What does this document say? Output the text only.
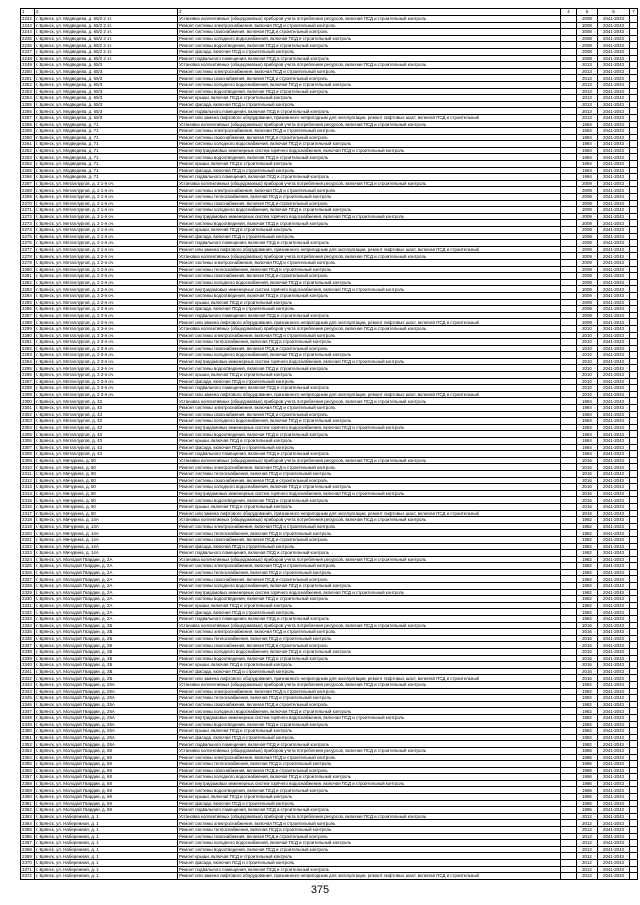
1	2	3	4	5	6	7
2242	г. Брянск, ул. Медведева, д. 65/2 2 эт.	Установка коллективных (общедомовых) приборов учета потребления ресурсов, включая ПСД и строительный контроль		2008	2041-2043	
2243	г. Брянск, ул. Медведева, д. 65/2 2 эт.	Ремонт системы электроснабжения, включая ПСД и строительный контроль		2008	2041-2043	
2244	г. Брянск, ул. Медведева, д. 65/2 2 эт.	Ремонт системы газоснабжения, включая ПСД и строительный контроль		2008	2041-2043	
2245	г. Брянск, ул. Медведева, д. 65/2 2 эт.	Ремонт системы холодного водоснабжения, включая ПСД и строительный контроль		2008	2041-2043	
2246	г. Брянск, ул. Медведева, д. 65/2 2 эт.	Ремонт системы водоотведения, включая ПСД и строительный контроль		2008	2041-2043	
2247	г. Брянск, ул. Медведева, д. 65/2 2 эт.	Ремонт фасада, включая ПСД и строительный контроль		2008	2041-2043	
2248	г. Брянск, ул. Медведева, д. 65/2 2 эт.	Ремонт подвального помещения, включая ПСД и строительный контроль		2008	2041-2043	
2249	г. Брянск, ул. Медведева, д. 65/3	Установка коллективных (общедомовых) приборов учета потребления ресурсов, включая ПСД и строительный контроль		2013	2041-2043	
2250	г. Брянск, ул. Медведева, д. 65/3	Ремонт системы электроснабжения, включая ПСД и строительный контроль		2013	2041-2043	
2251	г. Брянск, ул. Медведева, д. 65/3	Ремонт системы газоснабжения, включая ПСД и строительный контроль		2013	2041-2043	
2252	г. Брянск, ул. Медведева, д. 65/3	Ремонт системы холодного водоснабжения, включая ПСД и строительный контроль		2013	2041-2043	
2253	г. Брянск, ул. Медведева, д. 65/3	Ремонт системы водоотведения, включая ПСД и строительный контроль		2013	2041-2043	
2254	г. Брянск, ул. Медведева, д. 65/3	Ремонт крыши, включая ПСД и строительный контроль		2013	2041-2043	
2255	г. Брянск, ул. Медведева, д. 65/3	Ремонт фасада, включая ПСД и строительный контроль		2013	2041-2043	
2256	г. Брянск, ул. Медведева, д. 65/3	Ремонт подвального помещения, включая ПСД и строительный контроль		2013	2041-2043	
2257	г. Брянск, ул. Медведева, д. 65/3	Ремонт или замена лифтового оборудования, признанного непригодным для эксплуатации, ремонт лифтовых шахт, включая ПСД и строительный		2013	2041-2043	
2258	г. Брянск, ул. Медведева, д. 71	Установка коллективных (общедомовых) приборов учета потребления ресурсов, включая ПСД и строительный контроль		1984	2041-2043	
2259	г. Брянск, ул. Медведева, д. 71	Ремонт системы электроснабжения, включая ПСД и строительный контроль		1984	2041-2043	
2260	г. Брянск, ул. Медведева, д. 71	Ремонт системы газоснабжения, включая ПСД и строительный контроль		1984	2041-2043	
2261	г. Брянск, ул. Медведева, д. 71	Ремонт системы холодного водоснабжения, включая ПСД и строительный контроль		1984	2041-2043	
2262	г. Брянск, ул. Медведева, д. 71	Ремонт внутридомовых инженерных систем горячего водоснабжения, включая ПСД и строительный контроль		1984	2041-2043	
2263	г. Брянск, ул. Медведева, д. 71	Ремонт системы водоотведения, включая ПСД и строительный контроль		1984	2041-2043	
2264	г. Брянск, ул. Медведева, д. 71	Ремонт крыши, включая ПСД и строительный контроль		1984	2041-2043	
2265	г. Брянск, ул. Медведева, д. 71	Ремонт фасада, включая ПСД и строительный контроль		1984	2041-2043	
2266	г. Брянск, ул. Медведева, д. 71	Ремонт подвального помещения, включая ПСД и строительный контроль		1984	2041-2043	
2267	г. Брянск, ул. Металлургов, д. 2 1-я оч.	Установка коллективных (общедомовых) приборов учета потребления ресурсов, включая ПСД и строительный контроль		2009	2041-2043	
2268	г. Брянск, ул. Металлургов, д. 2 1-я оч.	Ремонт системы электроснабжения, включая ПСД и строительный контроль		2009	2041-2043	
2269	г. Брянск, ул. Металлургов, д. 2 1-я оч.	Ремонт системы теплоснабжения, включая ПСД и строительный контроль		2009	2041-2043	
2270	г. Брянск, ул. Металлургов, д. 2 1-я оч.	Ремонт системы газоснабжения, включая ПСД и строительный контроль		2009	2041-2043	
2271	г. Брянск, ул. Металлургов, д. 2 1-я оч.	Ремонт системы холодного водоснабжения, включая ПСД и строительный контроль		2009	2041-2043	
2272	г. Брянск, ул. Металлургов, д. 2 1-я оч.	Ремонт внутридомовых инженерных систем горячего водоснабжения, включая ПСД и строительный контроль		2009	2041-2043	
2273	г. Брянск, ул. Металлургов, д. 2 1-я оч.	Ремонт системы водоотведения, включая ПСД и строительный контроль		2009	2041-2043	
2274	г. Брянск, ул. Металлургов, д. 2 1-я оч.	Ремонт крыши, включая ПСД и строительный контроль		2009	2041-2043	
2275	г. Брянск, ул. Металлургов, д. 2 1-я оч.	Ремонт фасада, включая ПСД и строительный контроль		2009	2041-2043	
2276	г. Брянск, ул. Металлургов, д. 2 1-я оч.	Ремонт подвального помещения, включая ПСД и строительный контроль		2009	2041-2043	
2277	г. Брянск, ул. Металлургов, д. 2 1-я оч.	Ремонт или замена лифтового оборудования, признанного непригодным для эксплуатации, ремонт лифтовых шахт, включая ПСД и строительный		2009	2041-2043	
2278	г. Брянск, ул. Металлургов, д. 2 2-я оч.	Установка коллективных (общедомовых) приборов учета потребления ресурсов, включая ПСД и строительный контроль		2009	2041-2043	
2279	г. Брянск, ул. Металлургов, д. 2 2-я оч.	Ремонт системы электроснабжения, включая ПСД и строительный контроль		2009	2041-2043	
2280	г. Брянск, ул. Металлургов, д. 2 2-я оч.	Ремонт системы теплоснабжения, включая ПСД и строительный контроль		2009	2041-2043	
2281	г. Брянск, ул. Металлургов, д. 2 2-я оч.	Ремонт системы газоснабжения, включая ПСД и строительный контроль		2009	2041-2043	
2282	г. Брянск, ул. Металлургов, д. 2 2-я оч.	Ремонт системы холодного водоснабжения, включая ПСД и строительный контроль		2009	2041-2043	
2283	г. Брянск, ул. Металлургов, д. 2 2-я оч.	Ремонт внутридомовых инженерных систем горячего водоснабжения, включая ПСД и строительный контроль		2009	2041-2043	
2284	г. Брянск, ул. Металлургов, д. 2 2-я оч.	Ремонт системы водоотведения, включая ПСД и строительный контроль		2009	2041-2043	
2285	г. Брянск, ул. Металлургов, д. 2 2-я оч.	Ремонт крыши, включая ПСД и строительный контроль		2009	2041-2043	
2286	г. Брянск, ул. Металлургов, д. 2 2-я оч.	Ремонт фасада, включая ПСД и строительный контроль		2009	2041-2043	
2287	г. Брянск, ул. Металлургов, д. 2 2-я оч.	Ремонт подвального помещения, включая ПСД и строительный контроль		2009	2041-2043	
2288	г. Брянск, ул. Металлургов, д. 2 2-я оч.	Ремонт или замена лифтового оборудования, признанного непригодным для эксплуатации, ремонт лифтовых шахт, включая ПСД и строительный		2009	2041-2043	
2289	г. Брянск, ул. Металлургов, д. 2 3-я оч.	Установка коллективных (общедомовых) приборов учета потребления ресурсов, включая ПСД и строительный контроль		2010	2041-2043	
2290	г. Брянск, ул. Металлургов, д. 2 3-я оч.	Ремонт системы электроснабжения, включая ПСД и строительный контроль		2010	2041-2043	
2291	г. Брянск, ул. Металлургов, д. 2 3-я оч.	Ремонт системы теплоснабжения, включая ПСД и строительный контроль		2010	2041-2043	
2292	г. Брянск, ул. Металлургов, д. 2 3-я оч.	Ремонт системы газоснабжения, включая ПСД и строительный контроль		2010	2041-2043	
2293	г. Брянск, ул. Металлургов, д. 2 3-я оч.	Ремонт системы холодного водоснабжения, включая ПСД и строительный контроль		2010	2041-2043	
2294	г. Брянск, ул. Металлургов, д. 2 3-я оч.	Ремонт внутридомовых инженерных систем горячего водоснабжения, включая ПСД и строительный контроль		2010	2041-2043	
2295	г. Брянск, ул. Металлургов, д. 2 3-я оч.	Ремонт системы водоотведения, включая ПСД и строительный контроль		2010	2041-2043	
2296	г. Брянск, ул. Металлургов, д. 2 3-я оч.	Ремонт крыши, включая ПСД и строительный контроль		2010	2041-2043	
2297	г. Брянск, ул. Металлургов, д. 2 3-я оч.	Ремонт фасада, включая ПСД и строительный контроль		2010	2041-2043	
2298	г. Брянск, ул. Металлургов, д. 2 3-я оч.	Ремонт подвального помещения, включая ПСД и строительный контроль		2010	2041-2043	
2299	г. Брянск, ул. Металлургов, д. 2 3-я оч.	Ремонт или замена лифтового оборудования, признанного непригодным для эксплуатации, ремонт лифтовых шахт, включая ПСД и строительный		2010	2041-2043	
2300	г. Брянск, ул. Металлургов, д. 43	Установка коллективных (общедомовых) приборов учета потребления ресурсов, включая ПСД и строительный контроль		1984	2041-2043	
2301	г. Брянск, ул. Металлургов, д. 43	Ремонт системы электроснабжения, включая ПСД и строительный контроль		1984	2041-2043	
2302	г. Брянск, ул. Металлургов, д. 43	Ремонт системы газоснабжения, включая ПСД и строительный контроль		1984	2041-2043	
2303	г. Брянск, ул. Металлургов, д. 43	Ремонт системы холодного водоснабжения, включая ПСД и строительный контроль		1984	2041-2043	
2304	г. Брянск, ул. Металлургов, д. 43	Ремонт внутридомовых инженерных систем горячего водоснабжения, включая ПСД и строительный контроль		1984	2041-2043	
2305	г. Брянск, ул. Металлургов, д. 43	Ремонт системы водоотведения, включая ПСД и строительный контроль		1984	2041-2043	
2306	г. Брянск, ул. Металлургов, д. 43	Ремонт крыши, включая ПСД и строительный контроль		1984	2041-2043	
2307	г. Брянск, ул. Металлургов, д. 43	Ремонт фасада, включая ПСД и строительный контроль		1984	2041-2043	
2308	г. Брянск, ул. Металлургов, д. 43	Ремонт подвального помещения, включая ПСД и строительный контроль		1984	2041-2043	
2309	г. Брянск, ул. Мичурина, д. 50	Установка коллективных (общедомовых) приборов учета потребления ресурсов, включая ПСД и строительный контроль		2016	2041-2043	
2310	г. Брянск, ул. Мичурина, д. 50	Ремонт системы электроснабжения, включая ПСД и строительный контроль		2016	2041-2043	
2311	г. Брянск, ул. Мичурина, д. 50	Ремонт системы теплоснабжения, включая ПСД и строительный контроль		2016	2041-2043	
2312	г. Брянск, ул. Мичурина, д. 50	Ремонт системы газоснабжения, включая ПСД и строительный контроль		2016	2041-2043	
2313	г. Брянск, ул. Мичурина, д. 50	Ремонт системы холодного водоснабжения, включая ПСД и строительный контроль		2016	2041-2043	
2314	г. Брянск, ул. Мичурина, д. 50	Ремонт внутридомовых инженерных систем горячего водоснабжения, включая ПСД и строительный контроль		2016	2041-2043	
2315	г. Брянск, ул. Мичурина, д. 50	Ремонт системы водоотведения, включая ПСД и строительный контроль		2016	2041-2043	
2316	г. Брянск, ул. Мичурина, д. 50	Ремонт крыши, включая ПСД и строительный контроль		2016	2041-2043	
2317	г. Брянск, ул. Мичурина, д. 50	Ремонт или замена лифтового оборудования, признанного непригодным для эксплуатации, ремонт лифтовых шахт, включая ПСД и строительный		2016	2041-2043	
2318	г. Брянск, ул. Мичурина, д. 14А	Установка коллективных (общедомовых) приборов учета потребления ресурсов, включая ПСД и строительный контроль		1982	2041-2043	
2319	г. Брянск, ул. Мичурина, д. 14А	Ремонт системы электроснабжения, включая ПСД и строительный контроль		1982	2041-2043	
2320	г. Брянск, ул. Мичурина, д. 14А	Ремонт системы теплоснабжения, включая ПСД и строительный контроль		1982	2041-2043	
2321	г. Брянск, ул. Мичурина, д. 14А	Ремонт системы газоснабжения, включая ПСД и строительный контроль		1982	2041-2043	
2322	г. Брянск, ул. Мичурина, д. 14А	Ремонт фасада, включая ПСД и строительный контроль		1982	2041-2043	
2323	г. Брянск, ул. Мичурина, д. 14А	Ремонт подвального помещения, включая ПСД и строительный контроль		1982	2041-2043	
2324	г. Брянск, ул. Молодой Гвардии, д. 2А	Установка коллективных (общедомовых) приборов учета потребления ресурсов, включая ПСД и строительный контроль		1982	2041-2043	
2325	г. Брянск, ул. Молодой Гвардии, д. 2А	Ремонт системы электроснабжения, включая ПСД и строительный контроль		1982	2041-2043	
2326	г. Брянск, ул. Молодой Гвардии, д. 2А	Ремонт системы теплоснабжения, включая ПСД и строительный контроль		1982	2041-2043	
2327	г. Брянск, ул. Молодой Гвардии, д. 2А	Ремонт системы газоснабжения, включая ПСД и строительный контроль		1982	2041-2043	
2328	г. Брянск, ул. Молодой Гвардии, д. 2А	Ремонт системы холодного водоснабжения, включая ПСД и строительный контроль		1982	2041-2043	
2329	г. Брянск, ул. Молодой Гвардии, д. 2А	Ремонт внутридомовых инженерных систем горячего водоснабжения, включая ПСД и строительный контроль		1982	2041-2043	
2330	г. Брянск, ул. Молодой Гвардии, д. 2А	Ремонт системы водоотведения, включая ПСД и строительный контроль		1982	2041-2043	
2331	г. Брянск, ул. Молодой Гвардии, д. 2А	Ремонт крыши, включая ПСД и строительный контроль		1982	2041-2043	
2332	г. Брянск, ул. Молодой Гвардии, д. 2А	Ремонт фасада, включая ПСД и строительный контроль		1982	2041-2043	
2333	г. Брянск, ул. Молодой Гвардии, д. 2А	Ремонт подвального помещения, включая ПСД и строительный контроль		1982	2041-2043	
2334	г. Брянск, ул. Молодой Гвардии, д. 2Б	Установка коллективных (общедомовых) приборов учета потребления ресурсов, включая ПСД и строительный контроль		2016	2041-2043	
2335	г. Брянск, ул. Молодой Гвардии, д. 2Б	Ремонт системы электроснабжения, включая ПСД и строительный контроль		2016	2041-2043	
2336	г. Брянск, ул. Молодой Гвардии, д. 2Б	Ремонт системы теплоснабжения, включая ПСД и строительный контроль		2016	2041-2043	
2337	г. Брянск, ул. Молодой Гвардии, д. 2Б	Ремонт системы газоснабжения, включая ПСД и строительный контроль		2016	2041-2043	
2338	г. Брянск, ул. Молодой Гвардии, д. 2Б	Ремонт системы холодного водоснабжения, включая ПСД и строительный контроль		2016	2041-2043	
2339	г. Брянск, ул. Молодой Гвардии, д. 2Б	Ремонт системы водоотведения, включая ПСД и строительный контроль		2016	2041-2043	
2340	г. Брянск, ул. Молодой Гвардии, д. 2Б	Ремонт крыши, включая ПСД и строительный контроль		2016	2041-2043	
2341	г. Брянск, ул. Молодой Гвардии, д. 2Б	Ремонт фасада, включая ПСД и строительный контроль		2016	2041-2043	
2342	г. Брянск, ул. Молодой Гвардии, д. 2Б	Ремонт или замена лифтового оборудования, признанного непригодным для эксплуатации, ремонт лифтовых шахт, включая ПСД и строительный		2016	2041-2043	
2343	г. Брянск, ул. Молодой Гвардии, д. 25А	Установка коллективных (общедомовых) приборов учета потребления ресурсов, включая ПСД и строительный контроль		1982	2041-2043	
2344	г. Брянск, ул. Молодой Гвардии, д. 25А	Ремонт системы электроснабжения, включая ПСД и строительный контроль		1982	2041-2043	
2345	г. Брянск, ул. Молодой Гвардии, д. 25А	Ремонт системы теплоснабжения, включая ПСД и строительный контроль		1982	2041-2043	
2346	г. Брянск, ул. Молодой Гвардии, д. 25А	Ремонт системы газоснабжения, включая ПСД и строительный контроль		1982	2041-2043	
2347	г. Брянск, ул. Молодой Гвардии, д. 25А	Ремонт системы холодного водоснабжения, включая ПСД и строительный контроль		1982	2041-2043	
2348	г. Брянск, ул. Молодой Гвардии, д. 25А	Ремонт внутридомовых инженерных систем горячего водоснабжения, включая ПСД и строительный контроль		1982	2041-2043	
2349	г. Брянск, ул. Молодой Гвардии, д. 25А	Ремонт системы водоотведения, включая ПСД и строительный контроль		1982	2041-2043	
2350	г. Брянск, ул. Молодой Гвардии, д. 25А	Ремонт крыши, включая ПСД и строительный контроль		1982	2041-2043	
2351	г. Брянск, ул. Молодой Гвардии, д. 25А	Ремонт фасада, включая ПСД и строительный контроль		1982	2041-2043	
2352	г. Брянск, ул. Молодой Гвардии, д. 25А	Ремонт подвального помещения, включая ПСД и строительный контроль		1982	2041-2043	
2353	г. Брянск, ул. Молодой Гвардии, д. 68	Установка коллективных (общедомовых) приборов учета потребления ресурсов, включая ПСД и строительный контроль		1986	2041-2043	
2354	г. Брянск, ул. Молодой Гвардии, д. 68	Ремонт системы электроснабжения, включая ПСД и строительный контроль		1986	2041-2043	
2355	г. Брянск, ул. Молодой Гвардии, д. 68	Ремонт системы теплоснабжения, включая ПСД и строительный контроль		1986	2041-2043	
2356	г. Брянск, ул. Молодой Гвардии, д. 68	Ремонт системы газоснабжения, включая ПСД и строительный контроль		1986	2041-2043	
2357	г. Брянск, ул. Молодой Гвардии, д. 68	Ремонт системы холодного водоснабжения, включая ПСД и строительный контроль		1986	2041-2043	
2358	г. Брянск, ул. Молодой Гвардии, д. 68	Ремонт внутридомовых инженерных систем горячего водоснабжения, включая ПСД и строительный контроль		1986	2041-2043	
2359	г. Брянск, ул. Молодой Гвардии, д. 68	Ремонт системы водоотведения, включая ПСД и строительный контроль		1986	2041-2043	
2360	г. Брянск, ул. Молодой Гвардии, д. 68	Ремонт крыши, включая ПСД и строительный контроль		1986	2041-2043	
2361	г. Брянск, ул. Молодой Гвардии, д. 68	Ремонт фасада, включая ПСД и строительный контроль		1986	2041-2043	
2362	г. Брянск, ул. Молодой Гвардии, д. 68	Ремонт подвального помещения, включая ПСД и строительный контроль		1986	2041-2043	
2363	г. Брянск, ул. Набережная, д. 1	Установка коллективных (общедомовых) приборов учета потребления ресурсов, включая ПСД и строительный контроль		2012	2041-2043	
2364	г. Брянск, ул. Набережная, д. 1	Ремонт системы электроснабжения, включая ПСД и строительный контроль		2012	2041-2043	
2365	г. Брянск, ул. Набережная, д. 1	Ремонт системы теплоснабжения, включая ПСД и строительный контроль		2012	2041-2043	
2366	г. Брянск, ул. Набережная, д. 1	Ремонт системы газоснабжения, включая ПСД и строительный контроль		2012	2041-2043	
2367	г. Брянск, ул. Набережная, д. 1	Ремонт системы холодного водоснабжения, включая ПСД и строительный контроль		2012	2041-2043	
2368	г. Брянск, ул. Набережная, д. 1	Ремонт системы водоотведения, включая ПСД и строительный контроль		2012	2041-2043	
2369	г. Брянск, ул. Набережная, д. 1	Ремонт крыши, включая ПСД и строительный контроль		2012	2041-2043	
2370	г. Брянск, ул. Набережная, д. 1	Ремонт фасада, включая ПСД и строительный контроль		2012	2041-2043	
2371	г. Брянск, ул. Набережная, д. 1	Ремонт подвального помещения, включая ПСД и строительный контроль		2012	2041-2043	
2372	г. Брянск, ул. Набережная, д. 1	Ремонт или замена лифтового оборудования, признанного непригодным для эксплуатации, ремонт лифтовых шахт, включая ПСД и строительный		2012	2041-2043	
375
